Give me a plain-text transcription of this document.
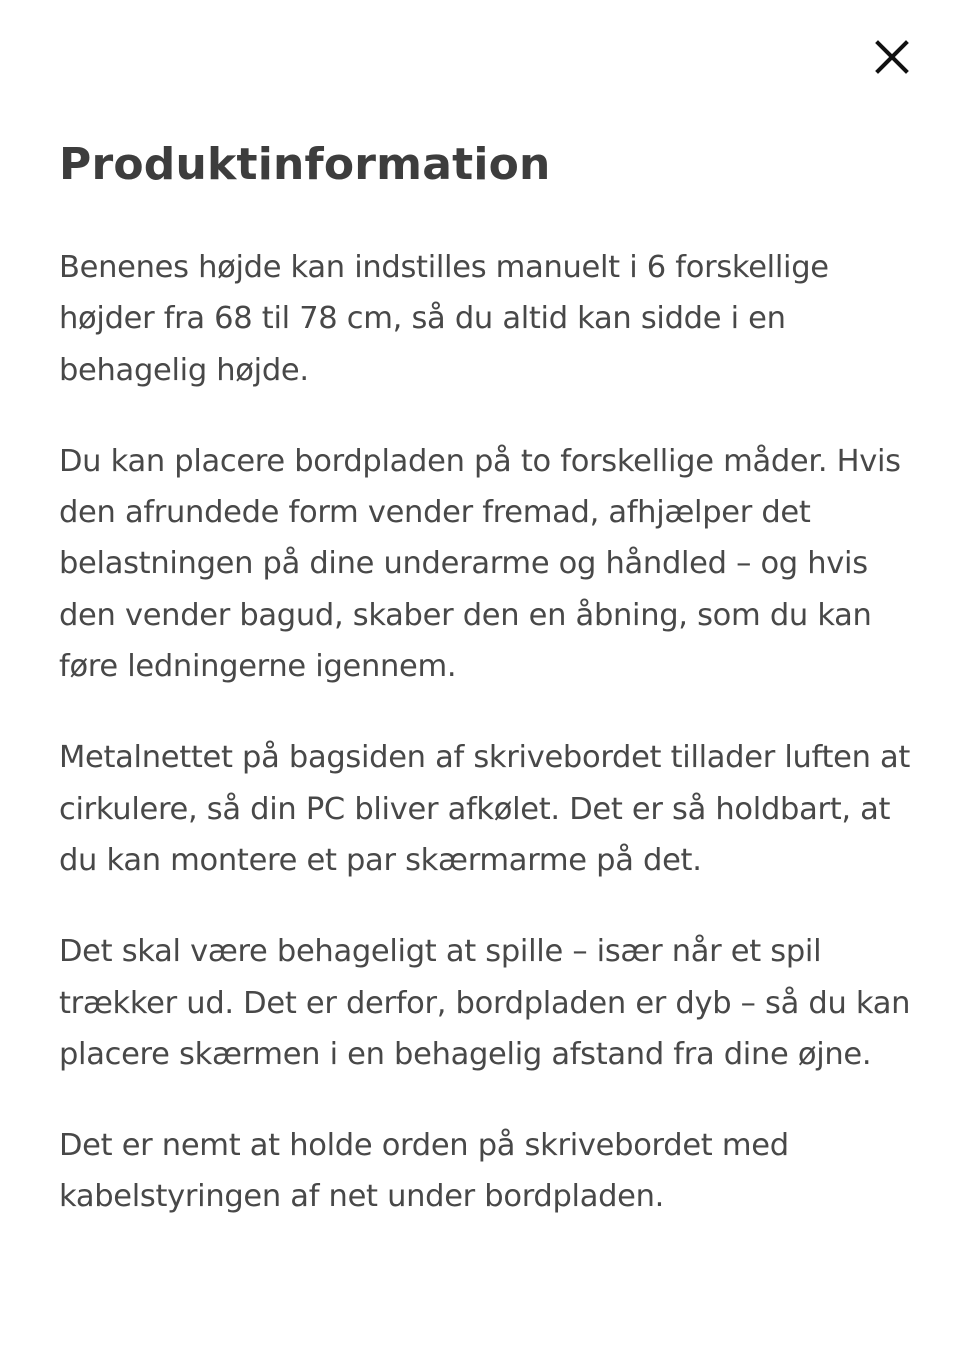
Produktinformation

Benenes højde kan indstilles manuelt i 6 forskellige højder fra 68 til 78 cm, så du altid kan sidde i en behagelig højde.

Du kan placere bordpladen på to forskellige måder. Hvis den afrundede form vender fremad, afhjælper det belastningen på dine underarme og håndled – og hvis den vender bagud, skaber den en åbning, som du kan føre ledningerne igennem.

Metalnettet på bagsiden af skrivebordet tillader luften at cirkulere, så din PC bliver afkølet. Det er så holdbart, at du kan montere et par skærmarme på det.

Det skal være behageligt at spille – især når et spil trækker ud. Det er derfor, bordpladen er dyb – så du kan placere skærmen i en behagelig afstand fra dine øjne.

Det er nemt at holde orden på skrivebordet med kabelstyringen af net under bordpladen.
